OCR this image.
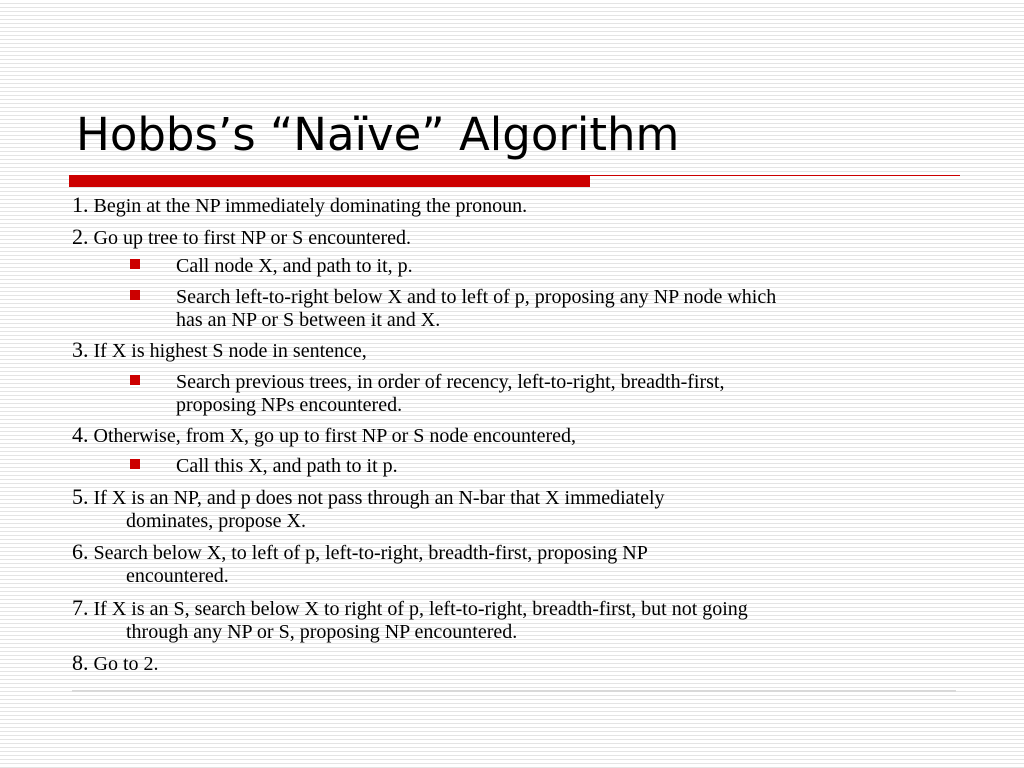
Hobbs’s “Naïve” Algorithm
1. Begin at the NP immediately dominating the pronoun.
2. Go up tree to first NP or S encountered.
Call node X, and path to it, p.
Search left-to-right below X and to left of p, proposing any NP node which
has an NP or S between it and X.
3. If X is highest S node in sentence,
Search previous trees, in order of recency, left-to-right, breadth-first,
proposing NPs encountered.
4. Otherwise, from X, go up to first NP or S node encountered,
Call this X, and path to it p.
5. If X is an NP, and p does not pass through an N-bar that X immediately
dominates, propose X.
6. Search below X, to left of p, left-to-right, breadth-first, proposing NP
encountered.
7. If X is an S, search below X to right of p, left-to-right, breadth-first, but not going
through any NP or S, proposing NP encountered.
8. Go to 2.
